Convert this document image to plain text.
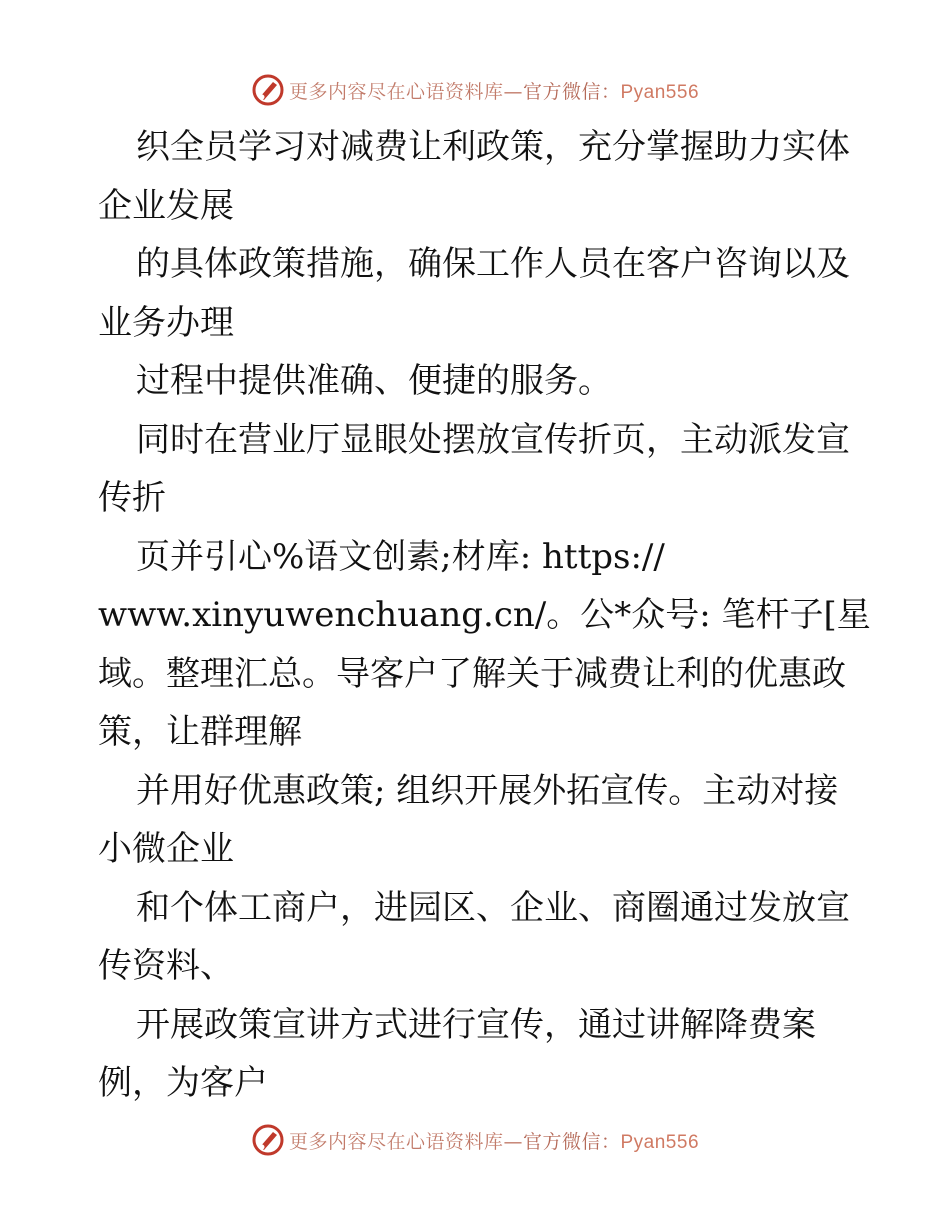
更多内容尽在心语资料库—官方微信：Pyan556
织全员学习对减费让利政策，充分掌握助力实体
企业发展
的具体政策措施，确保工作人员在客户咨询以及
业务办理
过程中提供准确、便捷的服务。
同时在营业厅显眼处摆放宣传折页，主动派发宣
传折
页并引心%语文创素;材库: https://
www.xinyuwenchuang.cn/。公*众号: 笔杆子[星
域。整理汇总。导客户了解关于减费让利的优惠政
策，让群理解
并用好优惠政策; 组织开展外拓宣传。主动对接
小微企业
和个体工商户，进园区、企业、商圈通过发放宣
传资料、
开展政策宣讲方式进行宣传，通过讲解降费案
例，为客户
更多内容尽在心语资料库—官方微信：Pyan556
